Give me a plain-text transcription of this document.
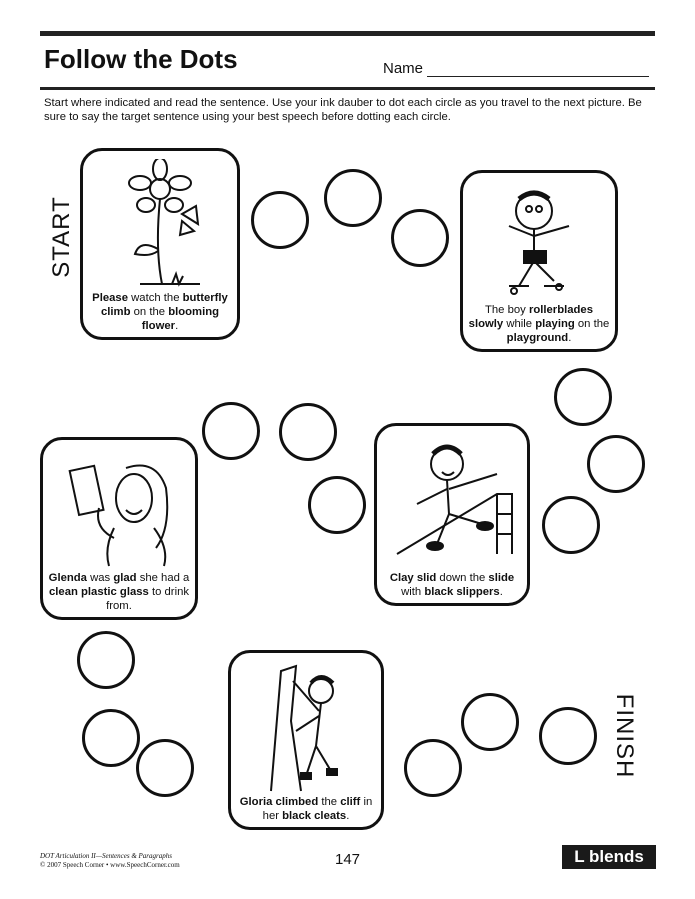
Follow the Dots	Name
Start where indicated and read the sentence. Use your ink dauber to dot each circle as you travel to the next picture. Be sure to say the target sentence using your best speech before dotting each circle.
START
FINISH
Please watch the butterfly climb on the blooming flower.
The boy rollerblades slowly while playing on the playground.
Glenda was glad she had a clean plastic glass to drink from.
Clay slid down the slide with black slippers.
Gloria climbed the cliff in her black cleats.
DOT Articulation II—Sentences & Paragraphs
© 2007 Speech Corner • www.SpeechCorner.com	147	L blends
